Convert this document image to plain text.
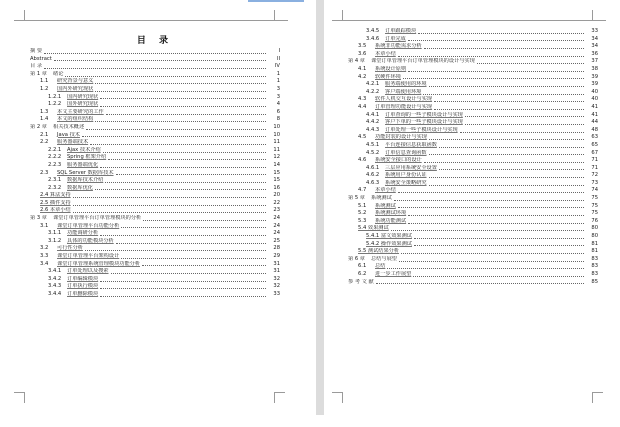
目 录
摘 要	I
Abstract	II
目 录	IV
第 1 章	绪论	1
1.1	研究背景与意义	1
1.2	国内外研究现状	3
1.2.1	国内研究现状	3
1.2.2	国外研究现状	4
1.3	本文主要研究的工作	6
1.4	本文的组织结构	8
第 2 章	相关技术概述	10
2.1	Java 技术	10
2.2	服务器端技术	11
2.2.1	Ajax 技术介绍	11
2.2.2	Spring 框架介绍	12
2.2.3	服务器端优化	14
2.3	SQL Server 数据库技术	15
2.3.1	数据库技术介绍	15
2.3.2	数据库优化	16
2.4 算法支持	20
2.5 插件支持	22
2.6 本章小结	23
第 3 章	课堂订单管理平台订单管理模块的分析	24
3.1	课堂订单管理平台功能分析	24
3.1.1	功能调研分析	24
3.1.2	具体的功能模块分析	25
3.2	可行性分析	28
3.3	课堂订单管理平台架构设计	29
3.4	课堂订单管理系统管理模块功能分析	31
3.4.1	订单处理以及搜索	31
3.4.2	订单编辑模块	32
3.4.3	订单执行模块	32
3.4.4	订单删除模块	33
3.4.5	订单跟踪模块	33
3.4.6	订单完成	34
3.5	系统非功能需求分析	34
3.6	本章小结	36
第 4 章	课堂订单管理平台订单管理模块的设计与实现	37
4.1	系统设计原则	38
4.2	软硬件环境	39
4.2.1	服务端使用的环境	39
4.2.2	客户端使用环境	40
4.3	软件人机交互设计与实现	40
4.4	订单管理功能设计与实现	41
4.4.1	订单查询的一些子模块设计与实现	41
4.4.2	客户下单的一些子模块设计与实现	44
4.4.3	订单处理一些子模块设计与实现	48
4.5	功能封装的设计与实现	63
4.5.1	平台连接信息获取函数	65
4.5.2	订单信息查询函数	67
4.6	系统安全接口的设计	71
4.6.1	三层应用系统安全设置	71
4.6.2	系统用户身份认证	72
4.6.3	系统安全策略研究	73
4.7	本章小结	74
第 5 章	系统测试	75
5.1	系统测试	75
5.2	系统测试环境	75
5.3	系统功能测试	76
5.4 效果测试	80
5.4.1 富文效果测试	80
5.4.2 操作效果测试	81
5.5 测试结果分析	81
第 6 章	总结与展望	83
6.1	总结	83
6.2	进一步工作展望	83
参 考 文 献	85
